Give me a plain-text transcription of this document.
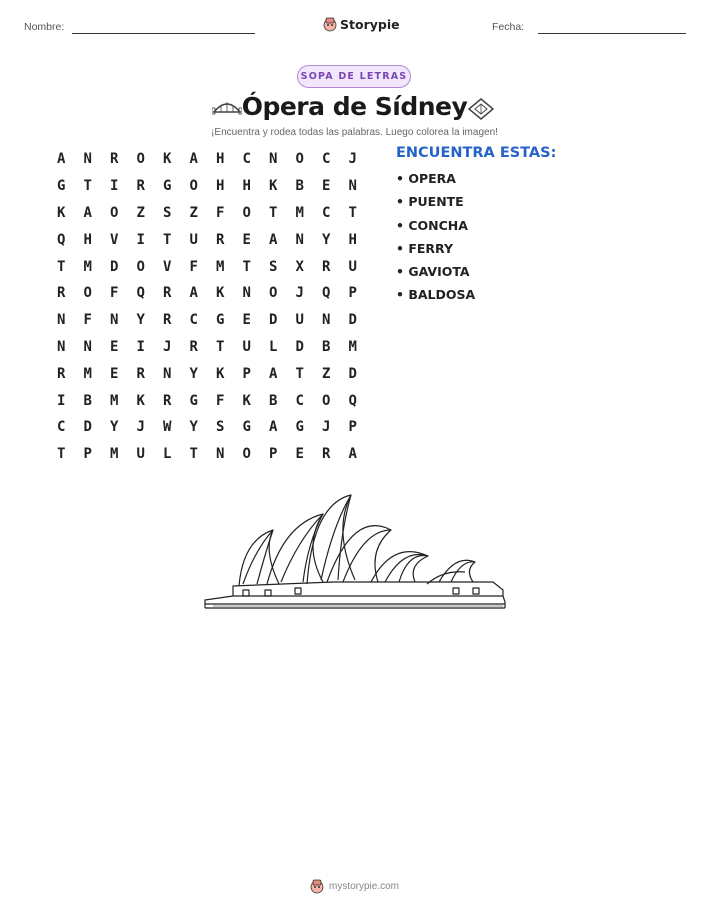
Nombre:	Storypie	Fecha:
SOPA DE LETRAS
Ópera de Sídney
¡Encuentra y rodea todas las palabras. Luego colorea la imagen!
A	N	R	O	K	A	H	C	N	O	C	J
G	T	I	R	G	O	H	H	K	B	E	N
K	A	O	Z	S	Z	F	O	T	M	C	T
Q	H	V	I	T	U	R	E	A	N	Y	H
T	M	D	O	V	F	M	T	S	X	R	U
R	O	F	Q	R	A	K	N	O	J	Q	P
N	F	N	Y	R	C	G	E	D	U	N	D
N	N	E	I	J	R	T	U	L	D	B	M
R	M	E	R	N	Y	K	P	A	T	Z	D
I	B	M	K	R	G	F	K	B	C	O	Q
C	D	Y	J	W	Y	S	G	A	G	J	P
T	P	M	U	L	T	N	O	P	E	R	A
ENCUENTRA ESTAS:
• OPERA
• PUENTE
• CONCHA
• FERRY
• GAVIOTA
• BALDOSA
mystorypie.com
